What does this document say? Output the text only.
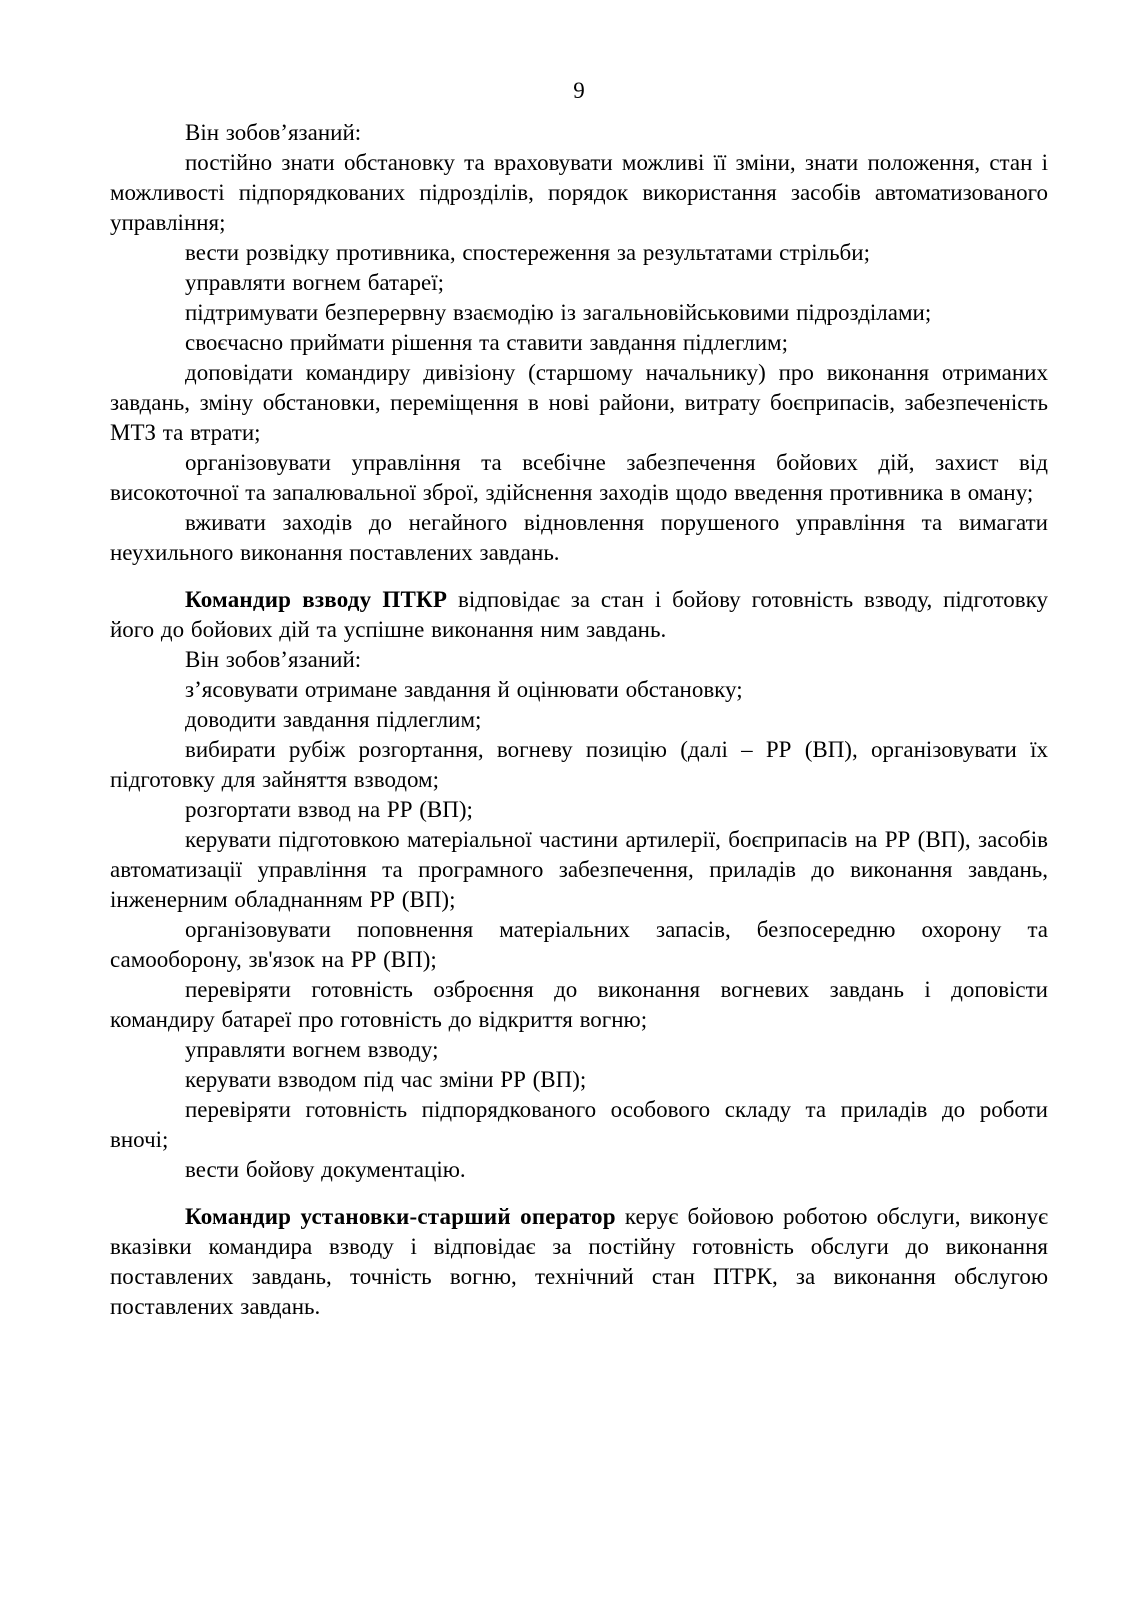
9

Він зобов’язаний:

постійно знати обстановку та враховувати можливі її зміни, знати положення, стан і можливості підпорядкованих підрозділів, порядок використання засобів автоматизованого управління;

вести розвідку противника, спостереження за результатами стрільби;

управляти вогнем батареї;

підтримувати безперервну взаємодію із загальновійськовими підрозділами;

своєчасно приймати рішення та ставити завдання підлеглим;

доповідати командиру дивізіону (старшому начальнику) про виконання отриманих завдань, зміну обстановки, переміщення в нові райони, витрату боєприпасів, забезпеченість МТЗ та втрати;

організовувати управління та всебічне забезпечення бойових дій, захист від високоточної та запалювальної зброї, здійснення заходів щодо введення противника в оману;

вживати заходів до негайного відновлення порушеного управління та вимагати неухильного виконання поставлених завдань.

Командир взводу ПТКР відповідає за стан і бойову готовність взводу, підготовку його до бойових дій та успішне виконання ним завдань.

Він зобов’язаний:

з’ясовувати отримане завдання й оцінювати обстановку;

доводити завдання підлеглим;

вибирати рубіж розгортання, вогневу позицію (далі – РР (ВП), організовувати їх підготовку для зайняття взводом;

розгортати взвод на РР (ВП);

керувати підготовкою матеріальної частини артилерії, боєприпасів на РР (ВП), засобів автоматизації управління та програмного забезпечення, приладів до виконання завдань, інженерним обладнанням РР (ВП);

організовувати поповнення матеріальних запасів, безпосередню охорону та самооборону, зв'язок на РР (ВП);

перевіряти готовність озброєння до виконання вогневих завдань і доповісти командиру батареї про готовність до відкриття вогню;

управляти вогнем взводу;

керувати взводом під час зміни РР (ВП);

перевіряти готовність підпорядкованого особового складу та приладів до роботи вночі;

вести бойову документацію.

Командир установки-старший оператор керує бойовою роботою обслуги, виконує вказівки командира взводу і відповідає за постійну готовність обслуги до виконання поставлених завдань, точність вогню, технічний стан ПТРК, за виконання обслугою поставлених завдань.
